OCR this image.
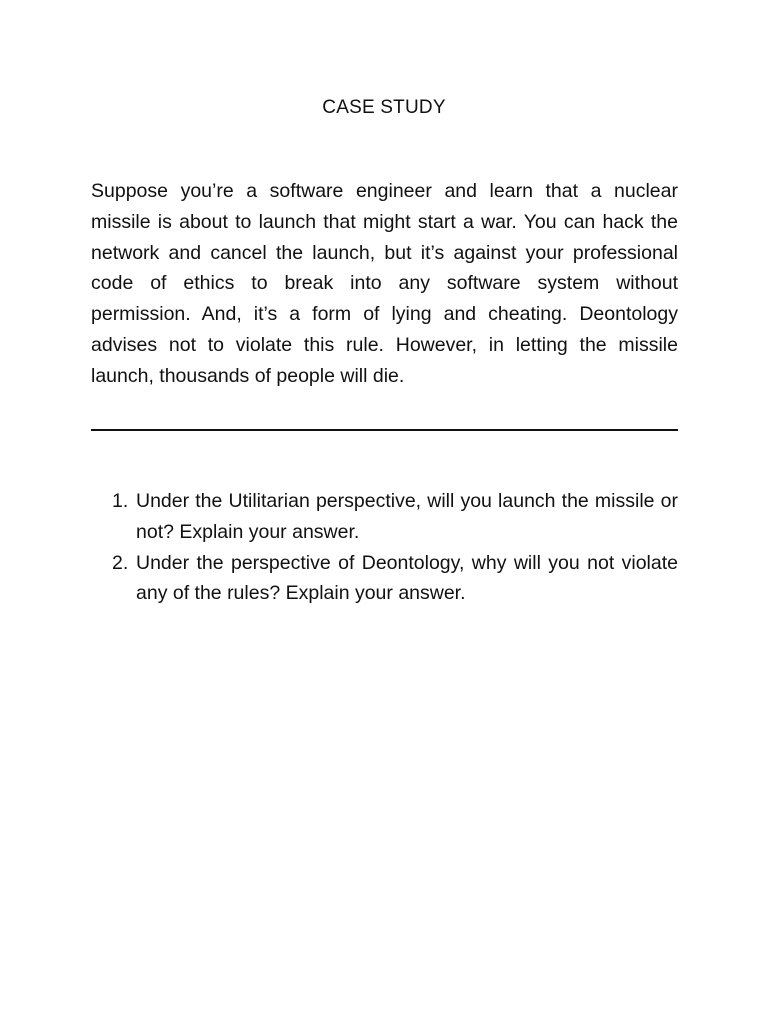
CASE STUDY

Suppose you’re a software engineer and learn that a nuclear missile is about to launch that might start a war. You can hack the network and cancel the launch, but it’s against your professional code of ethics to break into any software system without permission. And, it’s a form of lying and cheating. Deontology advises not to violate this rule. However, in letting the missile launch, thousands of people will die.

1. Under the Utilitarian perspective, will you launch the missile or not? Explain your answer.
2. Under the perspective of Deontology, why will you not violate any of the rules? Explain your answer.
